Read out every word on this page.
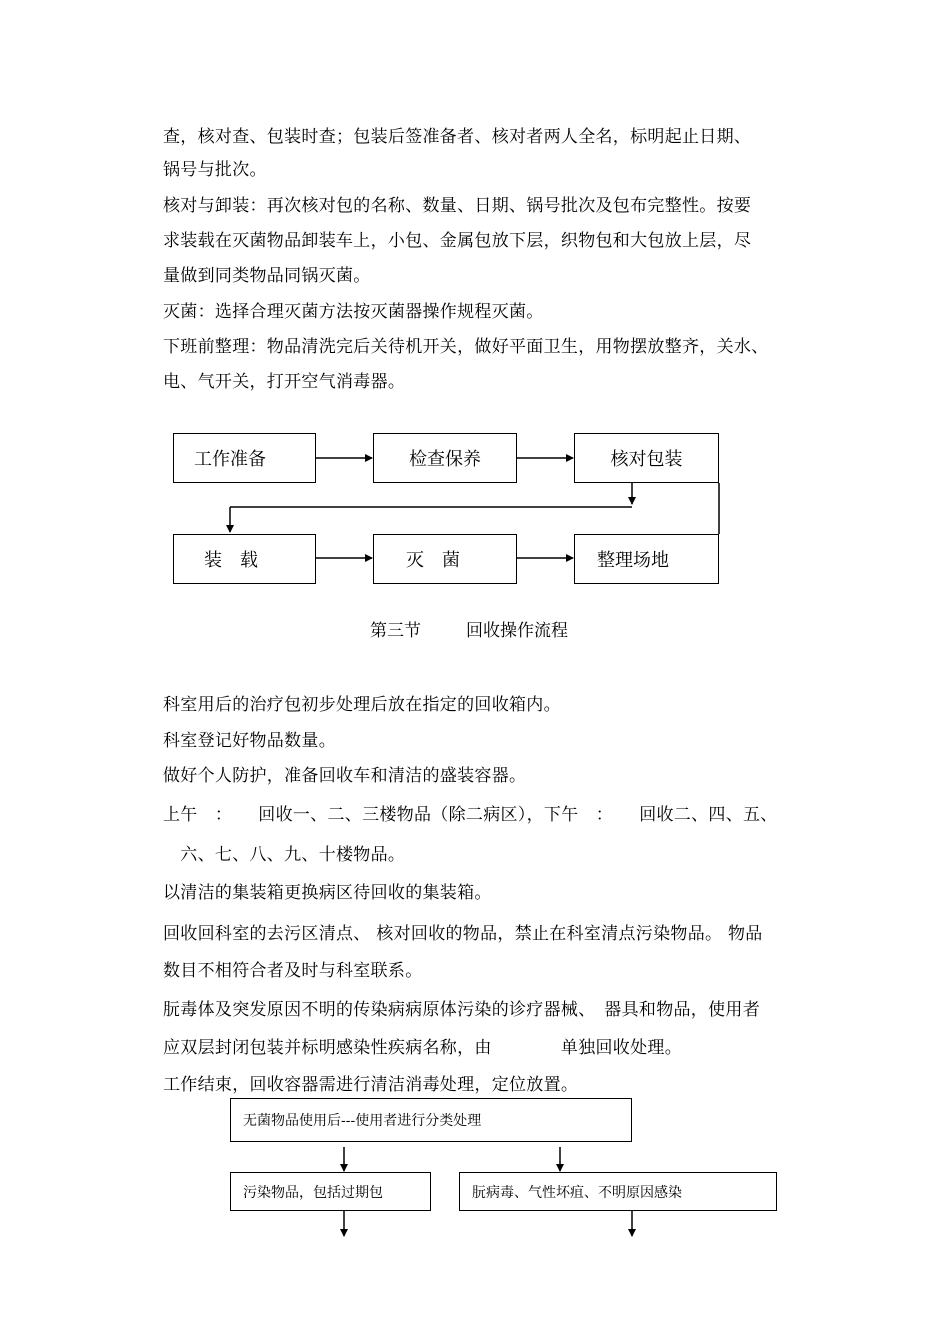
查，核对查、包装时查；包装后签准备者、核对者两人全名，标明起止日期、
锅号与批次。
核对与卸装：再次核对包的名称、数量、日期、锅号批次及包布完整性。按要
求装载在灭菌物品卸装车上，小包、金属包放下层，织物包和大包放上层，尽
量做到同类物品同锅灭菌。
灭菌：选择合理灭菌方法按灭菌器操作规程灭菌。
下班前整理：物品清洗完后关待机开关，做好平面卫生，用物摆放整齐，关水、
电、气开关，打开空气消毒器。
工作准备	检查保养	核对包装
装　载	灭　菌	整理场地
第三节	回收操作流程
科室用后的治疗包初步处理后放在指定的回收箱内。
科室登记好物品数量。
做好个人防护，准备回收车和清洁的盛装容器。
上午　：　　回收一、二、三楼物品（除二病区），下午　：　　回收二、四、五、
　六、七、八、九、十楼物品。
以清洁的集装箱更换病区待回收的集装箱。
回收回科室的去污区清点、 核对回收的物品，禁止在科室清点污染物品。 物品
数目不相符合者及时与科室联系。
朊毒体及突发原因不明的传染病病原体污染的诊疗器械、　器具和物品，使用者
应双层封闭包装并标明感染性疾病名称，由　　　　单独回收处理。
工作结束，回收容器需进行清洁消毒处理，定位放置。
无菌物品使用后---使用者进行分类处理
污染物品，包括过期包	朊病毒、气性坏疽、不明原因感染
